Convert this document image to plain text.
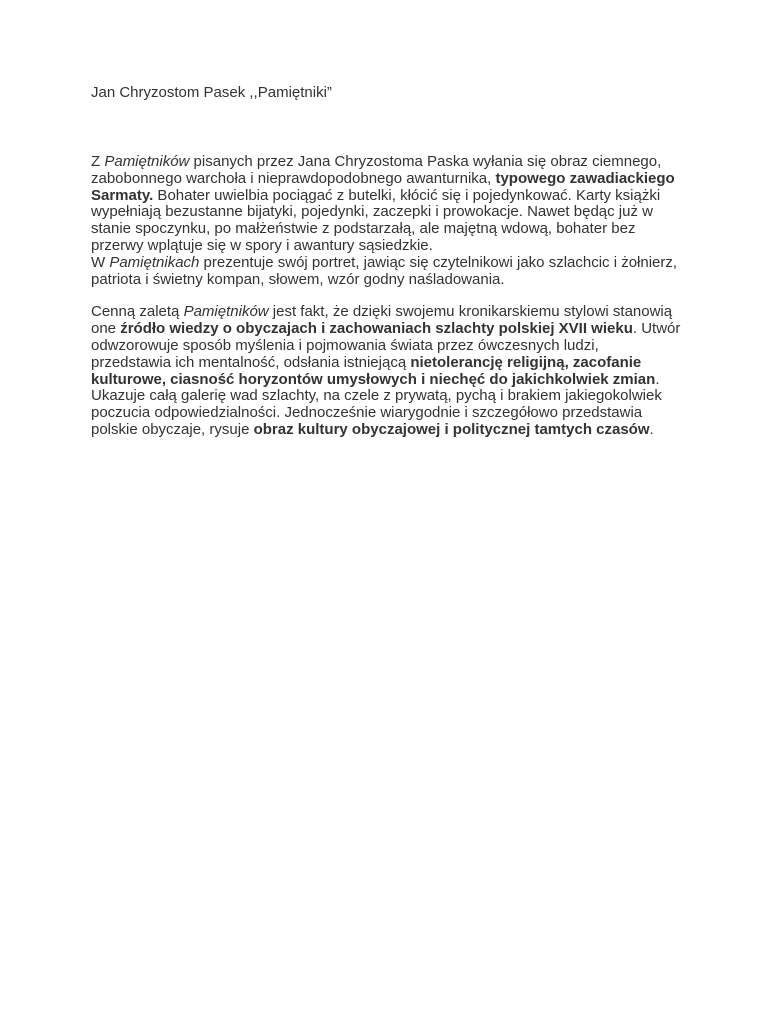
Jan Chryzostom Pasek ,,Pamiętniki”

Z Pamiętników pisanych przez Jana Chryzostoma Paska wyłania się obraz ciemnego, zabobonnego warchoła i nieprawdopodobnego awanturnika, typowego zawadiackiego Sarmaty. Bohater uwielbia pociągać z butelki, kłócić się i pojedynkować. Karty książki wypełniają bezustanne bijatyki, pojedynki, zaczepki i prowokacje. Nawet będąc już w stanie spoczynku, po małżeństwie z podstarzałą, ale majętną wdową, bohater bez przerwy wplątuje się w spory i awantury sąsiedzkie.
W Pamiętnikach prezentuje swój portret, jawiąc się czytelnikowi jako szlachcic i żołnierz, patriota i świetny kompan, słowem, wzór godny naśladowania.

Cenną zaletą Pamiętników jest fakt, że dzięki swojemu kronikarskiemu stylowi stanowią one źródło wiedzy o obyczajach i zachowaniach szlachty polskiej XVII wieku. Utwór odwzorowuje sposób myślenia i pojmowania świata przez ówczesnych ludzi, przedstawia ich mentalność, odsłania istniejącą nietolerancję religijną, zacofanie kulturowe, ciasność horyzontów umysłowych i niechęć do jakichkolwiek zmian. Ukazuje całą galerię wad szlachty, na czele z prywatą, pychą i brakiem jakiegokolwiek poczucia odpowiedzialności. Jednocześnie wiarygodnie i szczegółowo przedstawia polskie obyczaje, rysuje obraz kultury obyczajowej i politycznej tamtych czasów.
